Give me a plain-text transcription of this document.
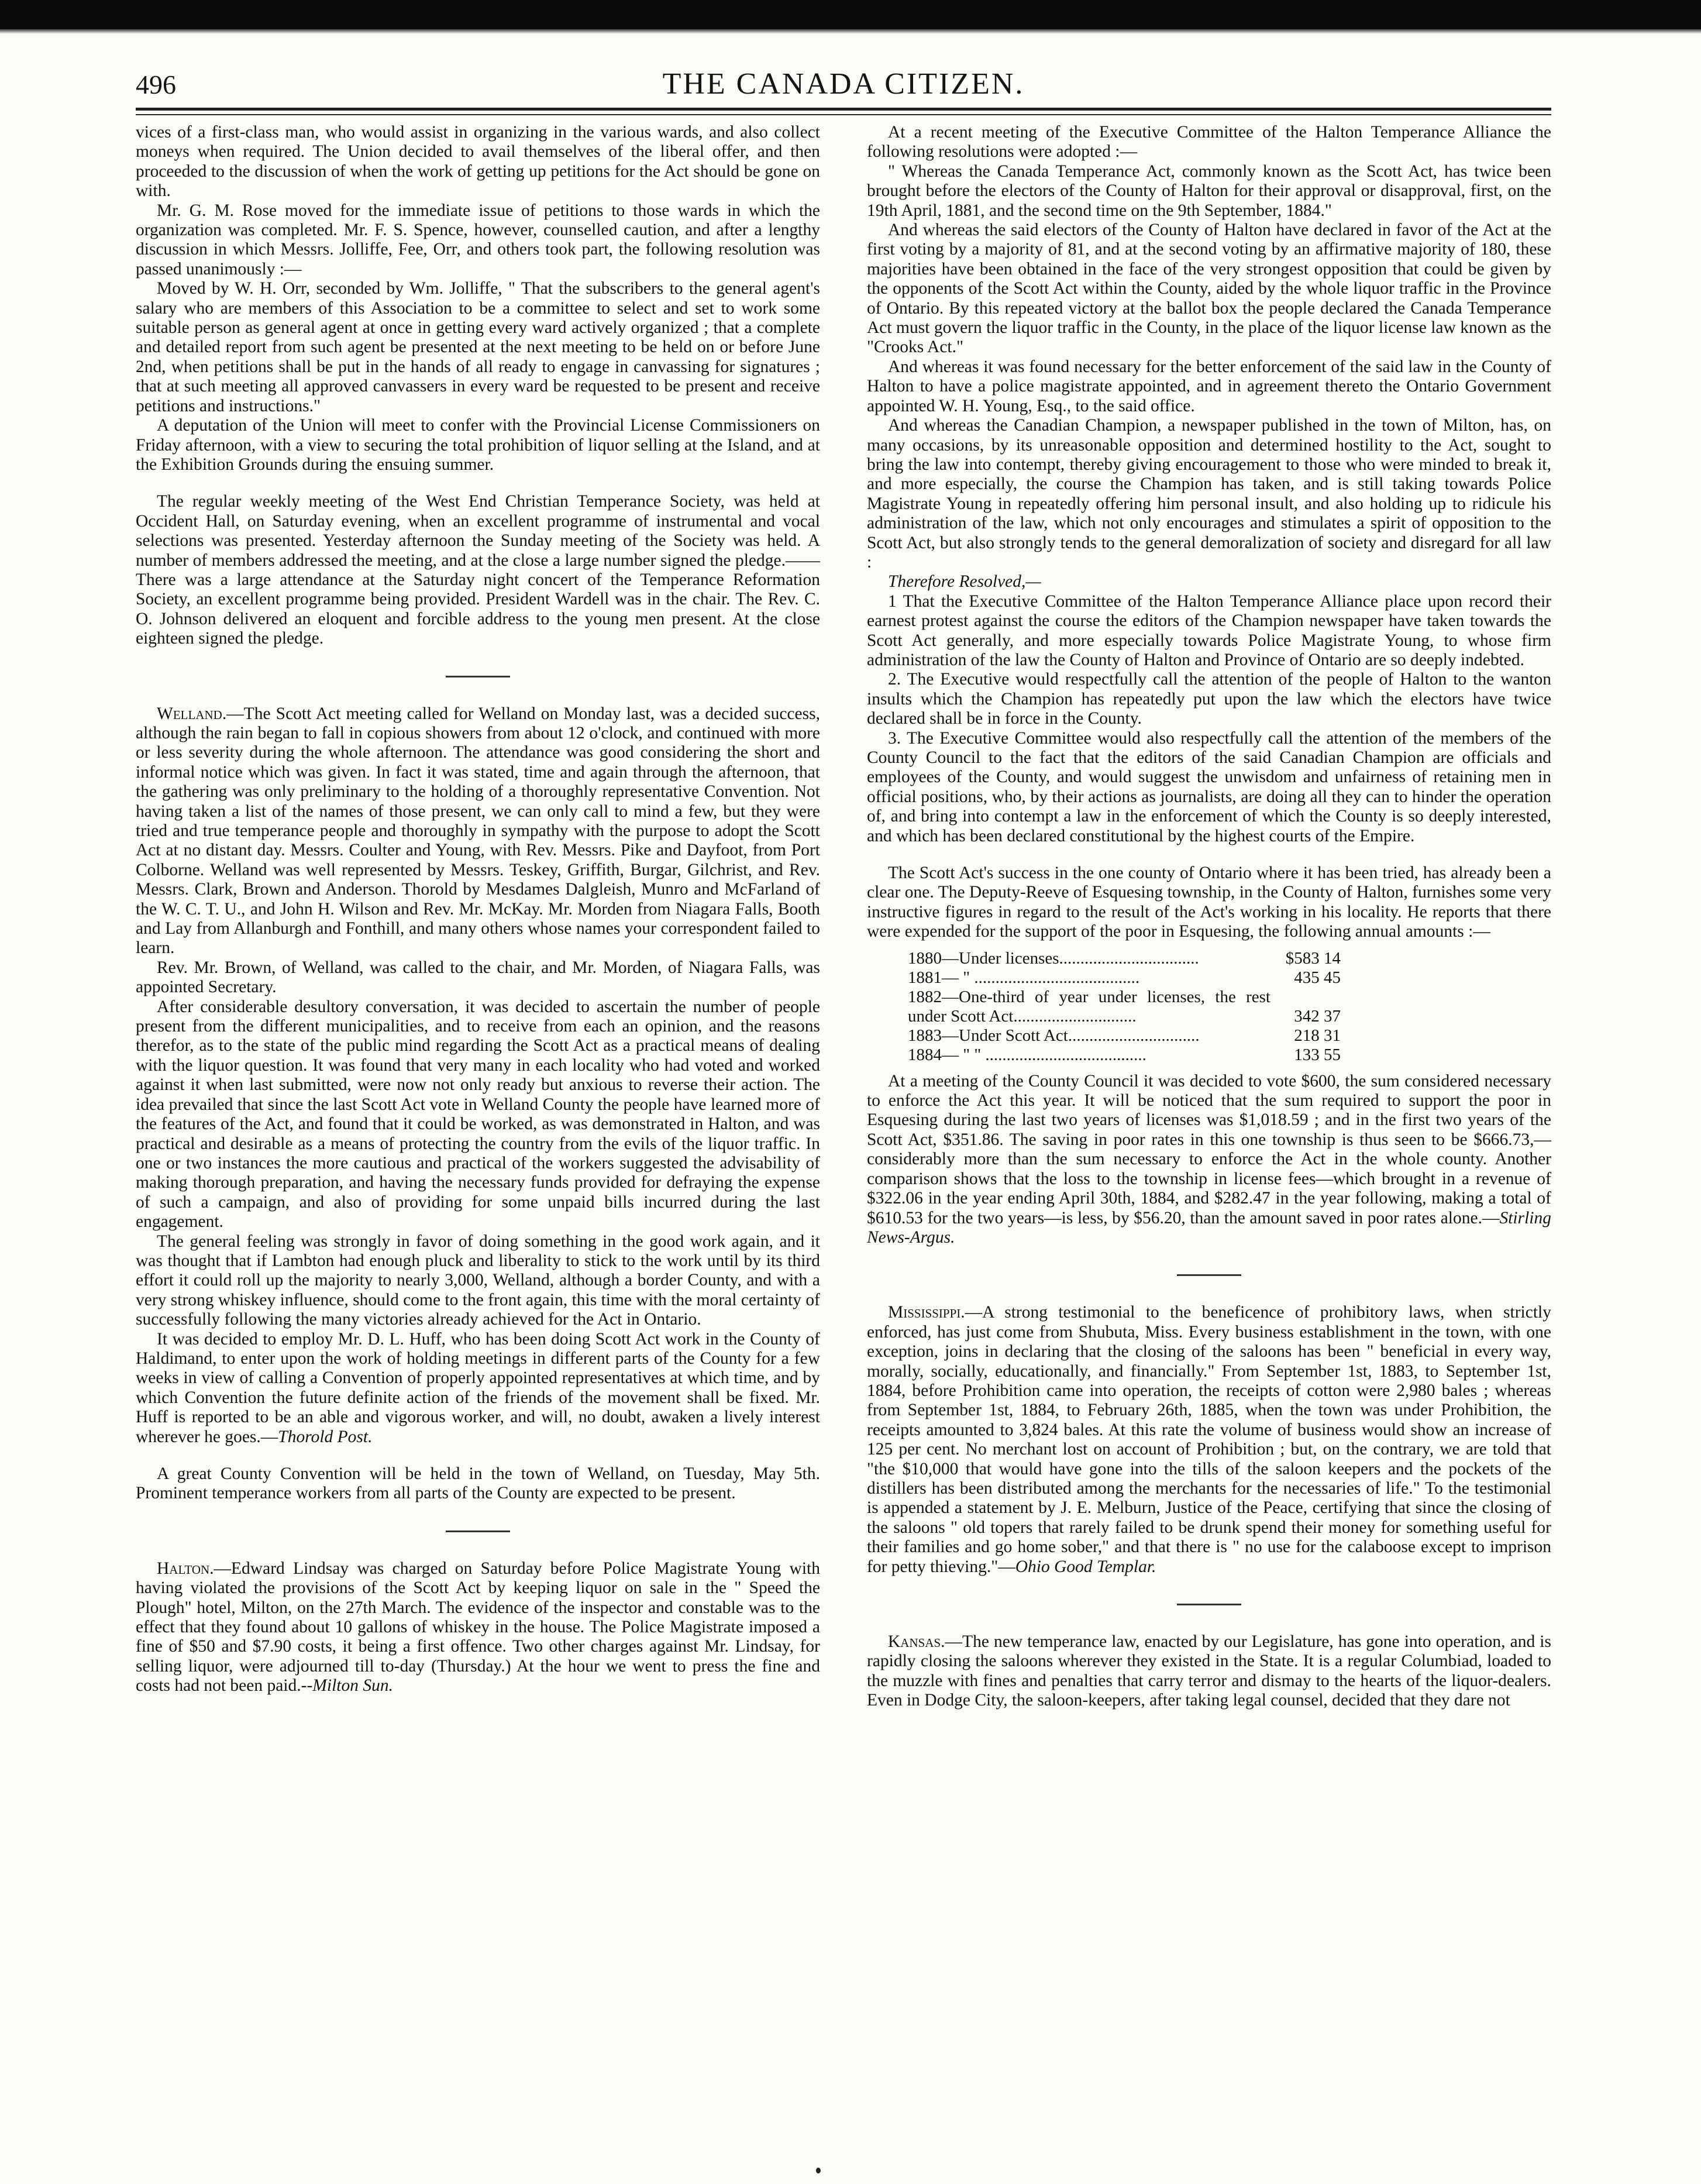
496	THE CANADA CITIZEN.

vices of a first-class man, who would assist in organizing in the various wards, and also collect moneys when required. The Union decided to avail themselves of the liberal offer, and then proceeded to the discussion of when the work of getting up petitions for the Act should be gone on with.

Mr. G. M. Rose moved for the immediate issue of petitions to those wards in which the organization was completed. Mr. F. S. Spence, however, counselled caution, and after a lengthy discussion in which Messrs. Jolliffe, Fee, Orr, and others took part, the following resolution was passed unanimously :—

Moved by W. H. Orr, seconded by Wm. Jolliffe, " That the subscribers to the general agent's salary who are members of this Association to be a committee to select and set to work some suitable person as general agent at once in getting every ward actively organized ; that a complete and detailed report from such agent be presented at the next meeting to be held on or before June 2nd, when petitions shall be put in the hands of all ready to engage in canvassing for signatures ; that at such meeting all approved canvassers in every ward be requested to be present and receive petitions and instructions."

A deputation of the Union will meet to confer with the Provincial License Commissioners on Friday afternoon, with a view to securing the total prohibition of liquor selling at the Island, and at the Exhibition Grounds during the ensuing summer.

The regular weekly meeting of the West End Christian Temperance Society, was held at Occident Hall, on Saturday evening, when an excellent programme of instrumental and vocal selections was presented. Yesterday afternoon the Sunday meeting of the Society was held. A number of members addressed the meeting, and at the close a large number signed the pledge.—— There was a large attendance at the Saturday night concert of the Temperance Reformation Society, an excellent programme being provided. President Wardell was in the chair. The Rev. C. O. Johnson delivered an eloquent and forcible address to the young men present. At the close eighteen signed the pledge.

Welland.—The Scott Act meeting called for Welland on Monday last, was a decided success, although the rain began to fall in copious showers from about 12 o'clock, and continued with more or less severity during the whole afternoon. The attendance was good considering the short and informal notice which was given. In fact it was stated, time and again through the afternoon, that the gathering was only preliminary to the holding of a thoroughly representative Convention. Not having taken a list of the names of those present, we can only call to mind a few, but they were tried and true temperance people and thoroughly in sympathy with the purpose to adopt the Scott Act at no distant day. Messrs. Coulter and Young, with Rev. Messrs. Pike and Dayfoot, from Port Colborne. Welland was well represented by Messrs. Teskey, Griffith, Burgar, Gilchrist, and Rev. Messrs. Clark, Brown and Anderson. Thorold by Mesdames Dalgleish, Munro and McFarland of the W. C. T. U., and John H. Wilson and Rev. Mr. McKay. Mr. Morden from Niagara Falls, Booth and Lay from Allanburgh and Fonthill, and many others whose names your correspondent failed to learn.

Rev. Mr. Brown, of Welland, was called to the chair, and Mr. Morden, of Niagara Falls, was appointed Secretary.

After considerable desultory conversation, it was decided to ascertain the number of people present from the different municipalities, and to receive from each an opinion, and the reasons therefor, as to the state of the public mind regarding the Scott Act as a practical means of dealing with the liquor question. It was found that very many in each locality who had voted and worked against it when last submitted, were now not only ready but anxious to reverse their action. The idea prevailed that since the last Scott Act vote in Welland County the people have learned more of the features of the Act, and found that it could be worked, as was demonstrated in Halton, and was practical and desirable as a means of protecting the country from the evils of the liquor traffic. In one or two instances the more cautious and practical of the workers suggested the advisability of making thorough preparation, and having the necessary funds provided for defraying the expense of such a campaign, and also of providing for some unpaid bills incurred during the last engagement.

The general feeling was strongly in favor of doing something in the good work again, and it was thought that if Lambton had enough pluck and liberality to stick to the work until by its third effort it could roll up the majority to nearly 3,000, Welland, although a border County, and with a very strong whiskey influence, should come to the front again, this time with the moral certainty of successfully following the many victories already achieved for the Act in Ontario.

It was decided to employ Mr. D. L. Huff, who has been doing Scott Act work in the County of Haldimand, to enter upon the work of holding meetings in different parts of the County for a few weeks in view of calling a Convention of properly appointed representatives at which time, and by which Convention the future definite action of the friends of the movement shall be fixed. Mr. Huff is reported to be an able and vigorous worker, and will, no doubt, awaken a lively interest wherever he goes.—Thorold Post.

A great County Convention will be held in the town of Welland, on Tuesday, May 5th. Prominent temperance workers from all parts of the County are expected to be present.

Halton.—Edward Lindsay was charged on Saturday before Police Magistrate Young with having violated the provisions of the Scott Act by keeping liquor on sale in the " Speed the Plough" hotel, Milton, on the 27th March. The evidence of the inspector and constable was to the effect that they found about 10 gallons of whiskey in the house. The Police Magistrate imposed a fine of $50 and $7.90 costs, it being a first offence. Two other charges against Mr. Lindsay, for selling liquor, were adjourned till to-day (Thursday.) At the hour we went to press the fine and costs had not been paid.--Milton Sun.

At a recent meeting of the Executive Committee of the Halton Temperance Alliance the following resolutions were adopted :—

" Whereas the Canada Temperance Act, commonly known as the Scott Act, has twice been brought before the electors of the County of Halton for their approval or disapproval, first, on the 19th April, 1881, and the second time on the 9th September, 1884."

And whereas the said electors of the County of Halton have declared in favor of the Act at the first voting by a majority of 81, and at the second voting by an affirmative majority of 180, these majorities have been obtained in the face of the very strongest opposition that could be given by the opponents of the Scott Act within the County, aided by the whole liquor traffic in the Province of Ontario. By this repeated victory at the ballot box the people declared the Canada Temperance Act must govern the liquor traffic in the County, in the place of the liquor license law known as the "Crooks Act."

And whereas it was found necessary for the better enforcement of the said law in the County of Halton to have a police magistrate appointed, and in agreement thereto the Ontario Government appointed W. H. Young, Esq., to the said office.

And whereas the Canadian Champion, a newspaper published in the town of Milton, has, on many occasions, by its unreasonable opposition and determined hostility to the Act, sought to bring the law into contempt, thereby giving encouragement to those who were minded to break it, and more especially, the course the Champion has taken, and is still taking towards Police Magistrate Young in repeatedly offering him personal insult, and also holding up to ridicule his administration of the law, which not only encourages and stimulates a spirit of opposition to the Scott Act, but also strongly tends to the general demoralization of society and disregard for all law :

Therefore Resolved,—

1 That the Executive Committee of the Halton Temperance Alliance place upon record their earnest protest against the course the editors of the Champion newspaper have taken towards the Scott Act generally, and more especially towards Police Magistrate Young, to whose firm administration of the law the County of Halton and Province of Ontario are so deeply indebted.

2. The Executive would respectfully call the attention of the people of Halton to the wanton insults which the Champion has repeatedly put upon the law which the electors have twice declared shall be in force in the County.

3. The Executive Committee would also respectfully call the attention of the members of the County Council to the fact that the editors of the said Canadian Champion are officials and employees of the County, and would suggest the unwisdom and unfairness of retaining men in official positions, who, by their actions as journalists, are doing all they can to hinder the operation of, and bring into contempt a law in the enforcement of which the County is so deeply interested, and which has been declared constitutional by the highest courts of the Empire.

The Scott Act's success in the one county of Ontario where it has been tried, has already been a clear one. The Deputy-Reeve of Esquesing township, in the County of Halton, furnishes some very instructive figures in regard to the result of the Act's working in his locality. He reports that there were expended for the support of the poor in Esquesing, the following annual amounts :—

1880—Under licenses.................................	$583 14
1881— " .......................................	435 45
1882—One-third of year under licenses, the rest under Scott Act.............................	342 37
1883—Under Scott Act...............................	218 31
1884— " " ......................................	133 55

At a meeting of the County Council it was decided to vote $600, the sum considered necessary to enforce the Act this year. It will be noticed that the sum required to support the poor in Esquesing during the last two years of licenses was $1,018.59 ; and in the first two years of the Scott Act, $351.86. The saving in poor rates in this one township is thus seen to be $666.73,—considerably more than the sum necessary to enforce the Act in the whole county. Another comparison shows that the loss to the township in license fees—which brought in a revenue of $322.06 in the year ending April 30th, 1884, and $282.47 in the year following, making a total of $610.53 for the two years—is less, by $56.20, than the amount saved in poor rates alone.—Stirling News-Argus.

Mississippi.—A strong testimonial to the beneficence of prohibitory laws, when strictly enforced, has just come from Shubuta, Miss. Every business establishment in the town, with one exception, joins in declaring that the closing of the saloons has been " beneficial in every way, morally, socially, educationally, and financially." From September 1st, 1883, to September 1st, 1884, before Prohibition came into operation, the receipts of cotton were 2,980 bales ; whereas from September 1st, 1884, to February 26th, 1885, when the town was under Prohibition, the receipts amounted to 3,824 bales. At this rate the volume of business would show an increase of 125 per cent. No merchant lost on account of Prohibition ; but, on the contrary, we are told that "the $10,000 that would have gone into the tills of the saloon keepers and the pockets of the distillers has been distributed among the merchants for the necessaries of life." To the testimonial is appended a statement by J. E. Melburn, Justice of the Peace, certifying that since the closing of the saloons " old topers that rarely failed to be drunk spend their money for something useful for their families and go home sober," and that there is " no use for the calaboose except to imprison for petty thieving."—Ohio Good Templar.

Kansas.—The new temperance law, enacted by our Legislature, has gone into operation, and is rapidly closing the saloons wherever they existed in the State. It is a regular Columbiad, loaded to the muzzle with fines and penalties that carry terror and dismay to the hearts of the liquor-dealers. Even in Dodge City, the saloon-keepers, after taking legal counsel, decided that they dare not
